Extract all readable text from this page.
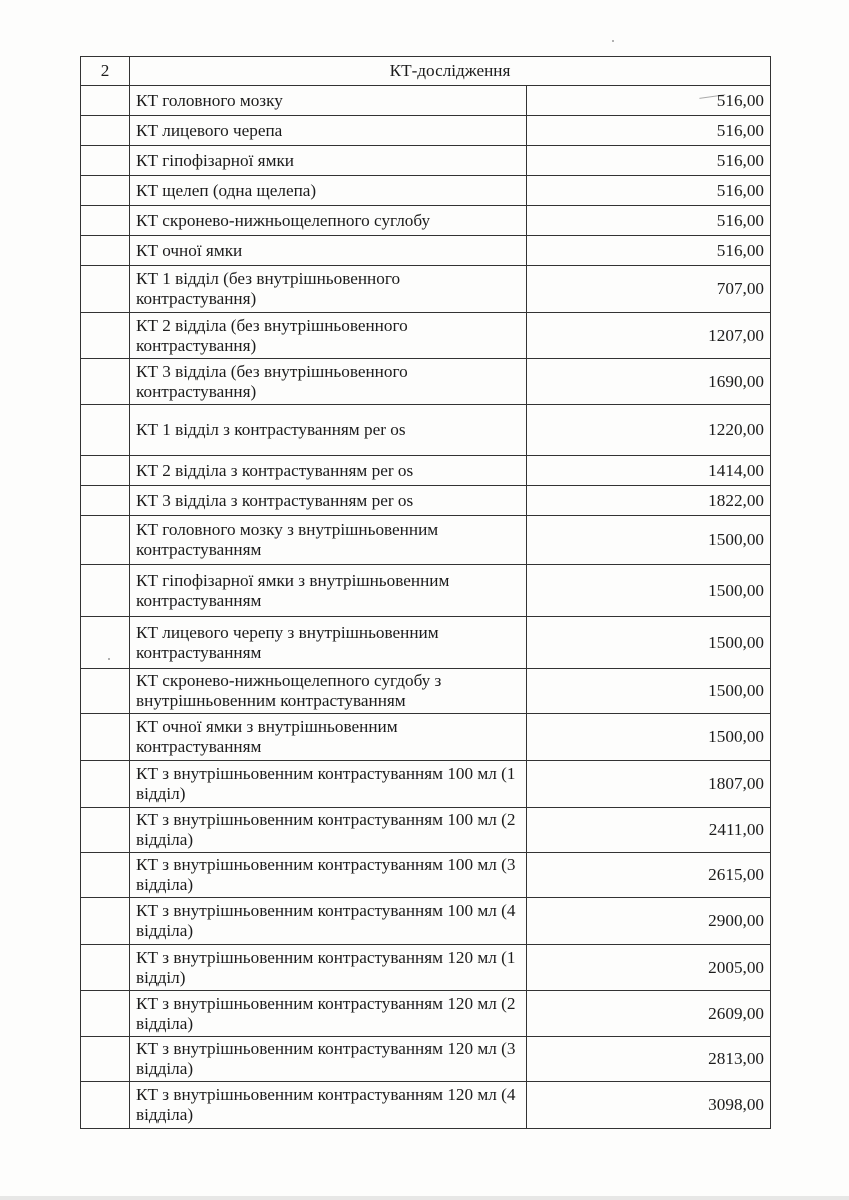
2	КТ-дослідження	
	КТ головного мозку	516,00
	КТ лицевого черепа	516,00
	КТ гіпофізарної ямки	516,00
	КТ щелеп (одна щелепа)	516,00
	КТ скронево-нижньощелепного суглобу	516,00
	КТ очної ямки	516,00
	КТ 1 відділ (без внутрішньовенного контрастування)	707,00
	КТ 2 відділа (без внутрішньовенного контрастування)	1207,00
	КТ 3 відділа (без внутрішньовенного контрастування)	1690,00
	КТ 1 відділ з контрастуванням per os	1220,00
	КТ 2 відділа з контрастуванням per os	1414,00
	КТ 3 відділа з контрастуванням per os	1822,00
	КТ головного мозку з внутрішньовенним контрастуванням	1500,00
	КТ гіпофізарної ямки з внутрішньовенним контрастуванням	1500,00
	КТ лицевого черепу з внутрішньовенним контрастуванням	1500,00
	КТ скронево-нижньощелепного сугдобу з внутрішньовенним контрастуванням	1500,00
	КТ очної ямки з внутрішньовенним контрастуванням	1500,00
	КТ з внутрішньовенним контрастуванням 100 мл (1 відділ)	1807,00
	КТ з внутрішньовенним контрастуванням 100 мл (2 відділа)	2411,00
	КТ з внутрішньовенним контрастуванням 100 мл (3 відділа)	2615,00
	КТ з внутрішньовенним контрастуванням 100 мл (4 відділа)	2900,00
	КТ з внутрішньовенним контрастуванням 120 мл (1 відділ)	2005,00
	КТ з внутрішньовенним контрастуванням 120 мл (2 відділа)	2609,00
	КТ з внутрішньовенним контрастуванням 120 мл (3 відділа)	2813,00
	КТ з внутрішньовенним контрастуванням 120 мл (4 відділа)	3098,00
